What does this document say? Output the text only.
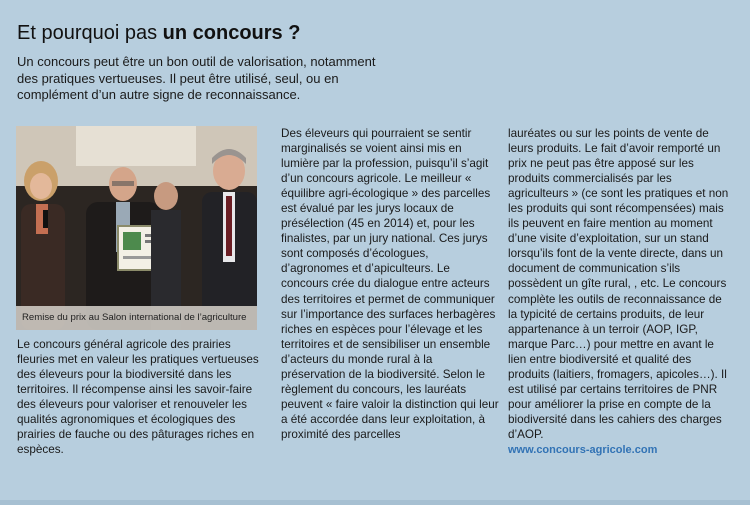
Et pourquoi pas un concours ?

Un concours peut être un bon outil de valorisation, notamment des pratiques vertueuses. Il peut être utilisé, seul, ou en complément d’un autre signe de reconnaissance.

Remise du prix au Salon international de l’agriculture

Le concours général agricole des prairies fleuries met en valeur les pratiques vertueuses des éleveurs pour la biodiversité dans les territoires. Il récompense ainsi les savoir-faire des éleveurs pour valoriser et renouveler les qualités agronomiques et écologiques des prairies de fauche ou des pâturages riches en espèces.

Des éleveurs qui pourraient se sentir marginalisés se voient ainsi mis en lumière par la profession, puisqu’il s’agit d’un concours agricole. Le meilleur « équilibre agri-écologique » des parcelles est évalué par les jurys locaux de présélection (45 en 2014) et, pour les finalistes, par un jury national. Ces jurys sont composés d’écologues, d’agronomes et d’apiculteurs. Le concours crée du dialogue entre acteurs des territoires et permet de communiquer sur l’importance des surfaces herbagères riches en espèces pour l’élevage et les territoires et de sensibiliser un ensemble d’acteurs du monde rural à la préservation de la biodiversité. Selon le règlement du concours, les lauréats peuvent « faire valoir la distinction qui leur a été accordée dans leur exploitation, à proximité des parcelles

lauréates ou sur les points de vente de leurs produits. Le fait d’avoir remporté un prix ne peut pas être apposé sur les produits commercialisés par les agriculteurs » (ce sont les pratiques et non les produits qui sont récompensées) mais ils peuvent en faire mention au moment d’une visite d’exploitation, sur un stand lorsqu’ils font de la vente directe, dans un document de communication s’ils possèdent un gîte rural, , etc. Le concours complète les outils de reconnaissance de la typicité de certains produits, de leur appartenance à un terroir (AOP, IGP, marque Parc…) pour mettre en avant le lien entre biodiversité et qualité des produits (laitiers, fromagers, apicoles…). Il est utilisé par certains territoires de PNR pour améliorer la prise en compte de la biodiversité dans les cahiers des charges d’AOP.
www.concours-agricole.com
